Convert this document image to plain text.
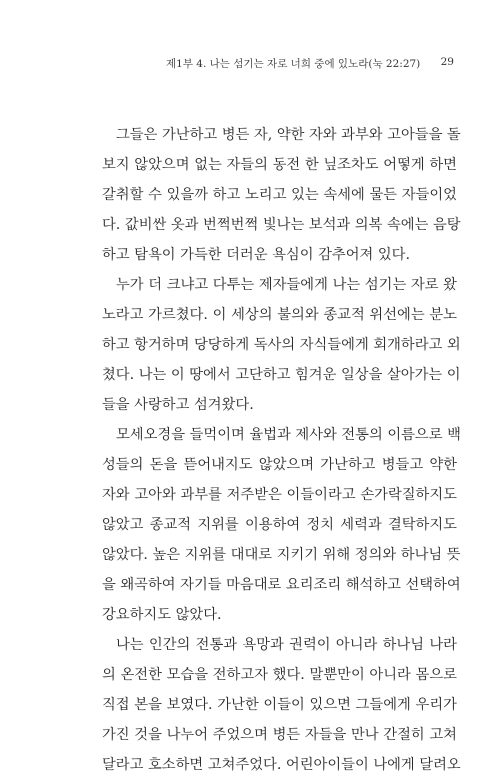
제1부 4. 나는 섬기는 자로 너희 중에 있노라(눅 22:27) 29
그들은 가난하고 병든 자, 약한 자와 과부와 고아들을 돌
보지 않았으며 없는 자들의 동전 한 닢조차도 어떻게 하면
갈취할 수 있을까 하고 노리고 있는 속세에 물든 자들이었
다. 값비싼 옷과 번쩍번쩍 빛나는 보석과 의복 속에는 음탕
하고 탐욕이 가득한 더러운 욕심이 감추어져 있다.
누가 더 크냐고 다투는 제자들에게 나는 섬기는 자로 왔
노라고 가르쳤다. 이 세상의 불의와 종교적 위선에는 분노
하고 항거하며 당당하게 독사의 자식들에게 회개하라고 외
쳤다. 나는 이 땅에서 고단하고 힘겨운 일상을 살아가는 이
들을 사랑하고 섬겨왔다.
모세오경을 들먹이며 율법과 제사와 전통의 이름으로 백
성들의 돈을 뜯어내지도 않았으며 가난하고 병들고 약한
자와 고아와 과부를 저주받은 이들이라고 손가락질하지도
않았고 종교적 지위를 이용하여 정치 세력과 결탁하지도
않았다. 높은 지위를 대대로 지키기 위해 정의와 하나님 뜻
을 왜곡하여 자기들 마음대로 요리조리 해석하고 선택하여
강요하지도 않았다.
나는 인간의 전통과 욕망과 권력이 아니라 하나님 나라
의 온전한 모습을 전하고자 했다. 말뿐만이 아니라 몸으로
직접 본을 보였다. 가난한 이들이 있으면 그들에게 우리가
가진 것을 나누어 주었으며 병든 자들을 만나 간절히 고쳐
달라고 호소하면 고쳐주었다. 어린아이들이 나에게 달려오
